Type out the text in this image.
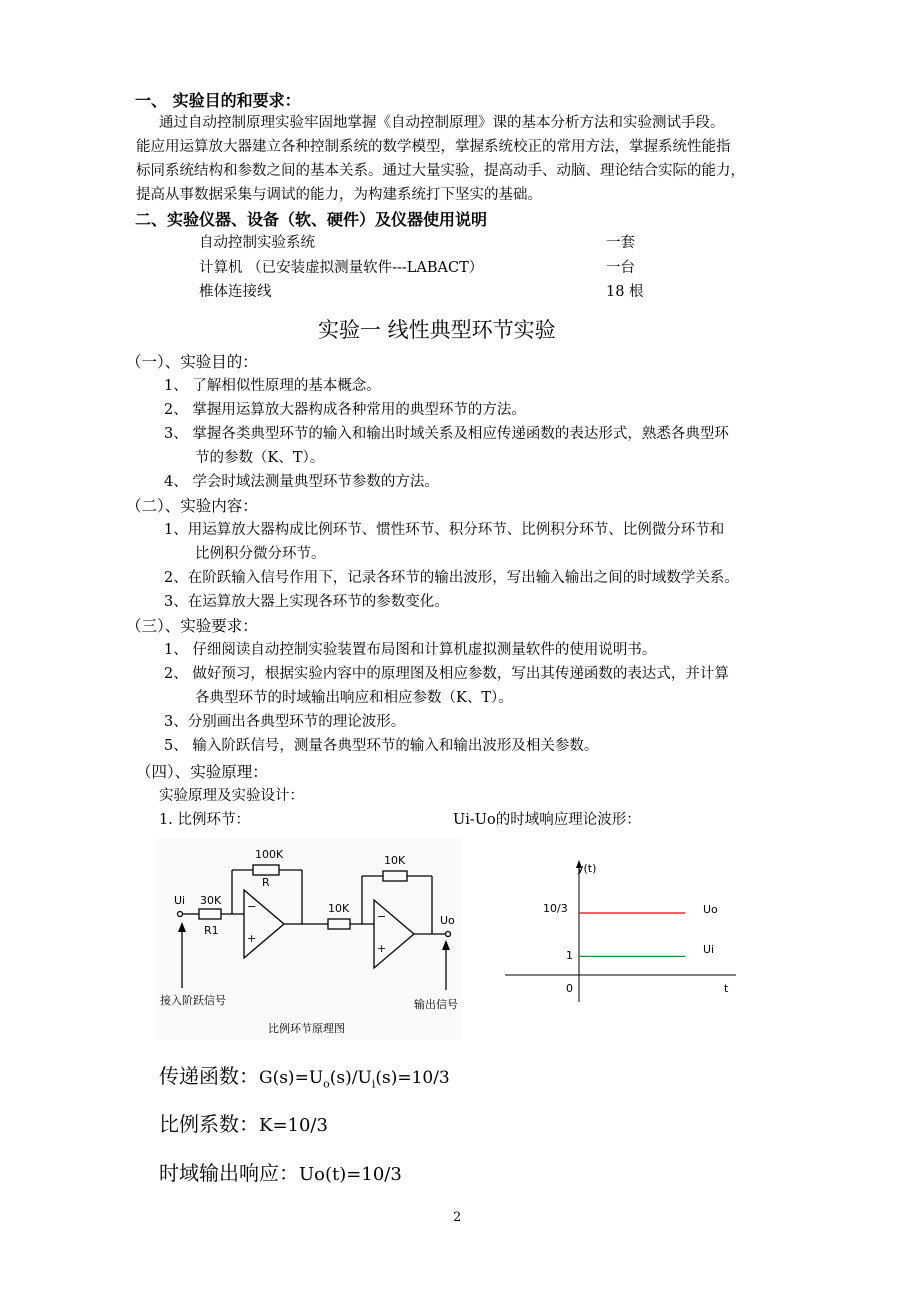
一、 实验目的和要求：
通过自动控制原理实验牢固地掌握《自动控制原理》课的基本分析方法和实验测试手段。
能应用运算放大器建立各种控制系统的数学模型，掌握系统校正的常用方法，掌握系统性能指
标同系统结构和参数之间的基本关系。通过大量实验，提高动手、动脑、理论结合实际的能力，
提高从事数据采集与调试的能力，为构建系统打下坚实的基础。
二、实验仪器、设备（软、硬件）及仪器使用说明
自动控制实验系统	一套
计算机 （已安装虚拟测量软件---LABACT）	一台
椎体连接线	18 根
实验一 线性典型环节实验
（一）、实验目的：
1、 了解相似性原理的基本概念。
2、 掌握用运算放大器构成各种常用的典型环节的方法。
3、 掌握各类典型环节的输入和输出时域关系及相应传递函数的表达形式，熟悉各典型环
节的参数（K、T）。
4、 学会时域法测量典型环节参数的方法。
（二）、实验内容：
1、用运算放大器构成比例环节、惯性环节、积分环节、比例积分环节、比例微分环节和
比例积分微分环节。
2、在阶跃输入信号作用下，记录各环节的输出波形，写出输入输出之间的时域数学关系。
3、在运算放大器上实现各环节的参数变化。
（三）、实验要求：
1、 仔细阅读自动控制实验装置布局图和计算机虚拟测量软件的使用说明书。
2、 做好预习，根据实验内容中的原理图及相应参数，写出其传递函数的表达式，并计算
各典型环节的时域输出响应和相应参数（K、T）。
3、分别画出各典型环节的理论波形。
5、 输入阶跃信号，测量各典型环节的输入和输出波形及相关参数。
（四）、实验原理：
实验原理及实验设计：
1. 比例环节：	Ui-Uo的时域响应理论波形：
100K
R
30K
R1
10K
10K
Ui
Uo
−
+
−
+
接入阶跃信号	输出信号
比例环节原理图
y(t)
t
10/3
1
0
Uo
Ui
传递函数：$G(s)=U_o(s)/U_i(s)=10/3$
比例系数：K=10/3
时域输出响应：Uo(t)=10/3
2
